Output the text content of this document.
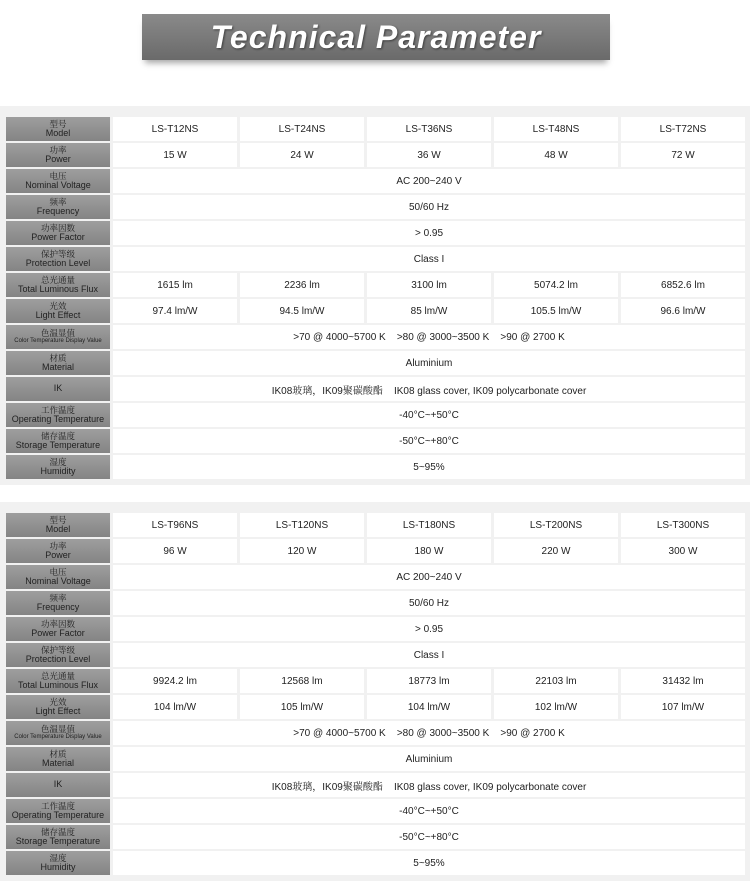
Technical Parameter
型号
Model	LS-T12NS	LS-T24NS	LS-T36NS	LS-T48NS	LS-T72NS

功率
Power	15 W	24 W	36 W	48 W	72 W

电压
Nominal Voltage	AC 200~240 V				

频率
Frequency	50/60 Hz				

功率因数
Power Factor	> 0.95				

保护等级
Protection Level	Class I				

总光通量
Total Luminous Flux	1615 lm	2236 lm	3100 lm	5074.2 lm	6852.6 lm

光效
Light Effect	97.4 lm/W	94.5 lm/W	85 lm/W	105.5 lm/W	96.6 lm/W

色温显值
Color Temperature Display Value	>70 @ 4000~5700 K    >80 @ 3000~3500 K    >90 @ 2700 K				

材质
Material	Aluminium				

IK	IK08玻璃，IK09聚碳酸酯    IK08 glass cover, IK09 polycarbonate cover				

工作温度
Operating Temperature	-40°C~+50°C				

储存温度
Storage Temperature	-50°C~+80°C				

湿度
Humidity	5~95%				
型号
Model	LS-T96NS	LS-T120NS	LS-T180NS	LS-T200NS	LS-T300NS

功率
Power	96 W	120 W	180 W	220 W	300 W

电压
Nominal Voltage	AC 200~240 V				

频率
Frequency	50/60 Hz				

功率因数
Power Factor	> 0.95				

保护等级
Protection Level	Class I				

总光通量
Total Luminous Flux	9924.2 lm	12568 lm	18773 lm	22103 lm	31432 lm

光效
Light Effect	104 lm/W	105 lm/W	104 lm/W	102 lm/W	107 lm/W

色温显值
Color Temperature Display Value	>70 @ 4000~5700 K    >80 @ 3000~3500 K    >90 @ 2700 K				

材质
Material	Aluminium				

IK	IK08玻璃，IK09聚碳酸酯    IK08 glass cover, IK09 polycarbonate cover				

工作温度
Operating Temperature	-40°C~+50°C				

储存温度
Storage Temperature	-50°C~+80°C				

湿度
Humidity	5~95%				
